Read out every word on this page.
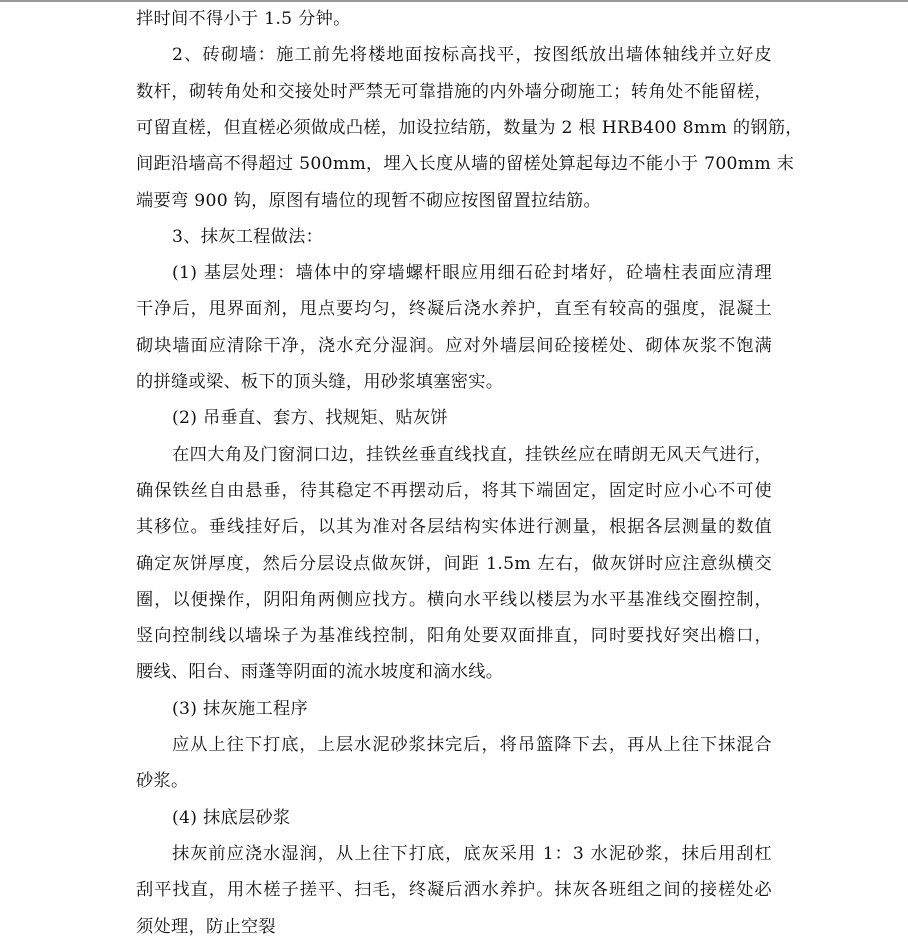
拌时间不得小于 1.5 分钟。
2、砖砌墙：施工前先将楼地面按标高找平，按图纸放出墙体轴线并立好皮
数杆，砌转角处和交接处时严禁无可靠措施的内外墙分砌施工；转角处不能留槎，
可留直槎，但直槎必须做成凸槎，加设拉结筋，数量为 2 根 HRB400 8mm 的钢筋，
间距沿墙高不得超过 500mm，埋入长度从墙的留槎处算起每边不能小于 700mm 末
端要弯 900 钩，原图有墙位的现暂不砌应按图留置拉结筋。
3、抹灰工程做法：
(1) 基层处理：墙体中的穿墙螺杆眼应用细石砼封堵好，砼墙柱表面应清理
干净后，甩界面剂，甩点要均匀，终凝后浇水养护，直至有较高的强度，混凝土
砌块墙面应清除干净，浇水充分湿润。应对外墙层间砼接槎处、砌体灰浆不饱满
的拼缝或梁、板下的顶头缝，用砂浆填塞密实。
(2) 吊垂直、套方、找规矩、贴灰饼
在四大角及门窗洞口边，挂铁丝垂直线找直，挂铁丝应在晴朗无风天气进行，
确保铁丝自由悬垂，待其稳定不再摆动后，将其下端固定，固定时应小心不可使
其移位。垂线挂好后，以其为准对各层结构实体进行测量，根据各层测量的数值
确定灰饼厚度，然后分层设点做灰饼，间距 1.5m 左右，做灰饼时应注意纵横交
圈，以便操作，阴阳角两侧应找方。横向水平线以楼层为水平基准线交圈控制，
竖向控制线以墙垛子为基准线控制，阳角处要双面排直，同时要找好突出檐口，
腰线、阳台、雨蓬等阴面的流水坡度和滴水线。
(3) 抹灰施工程序
应从上往下打底，上层水泥砂浆抹完后，将吊篮降下去，再从上往下抹混合
砂浆。
(4) 抹底层砂浆
抹灰前应浇水湿润，从上往下打底，底灰采用 1：3 水泥砂浆，抹后用刮杠
刮平找直，用木槎子搓平、扫毛，终凝后洒水养护。抹灰各班组之间的接槎处必
须处理，防止空裂
